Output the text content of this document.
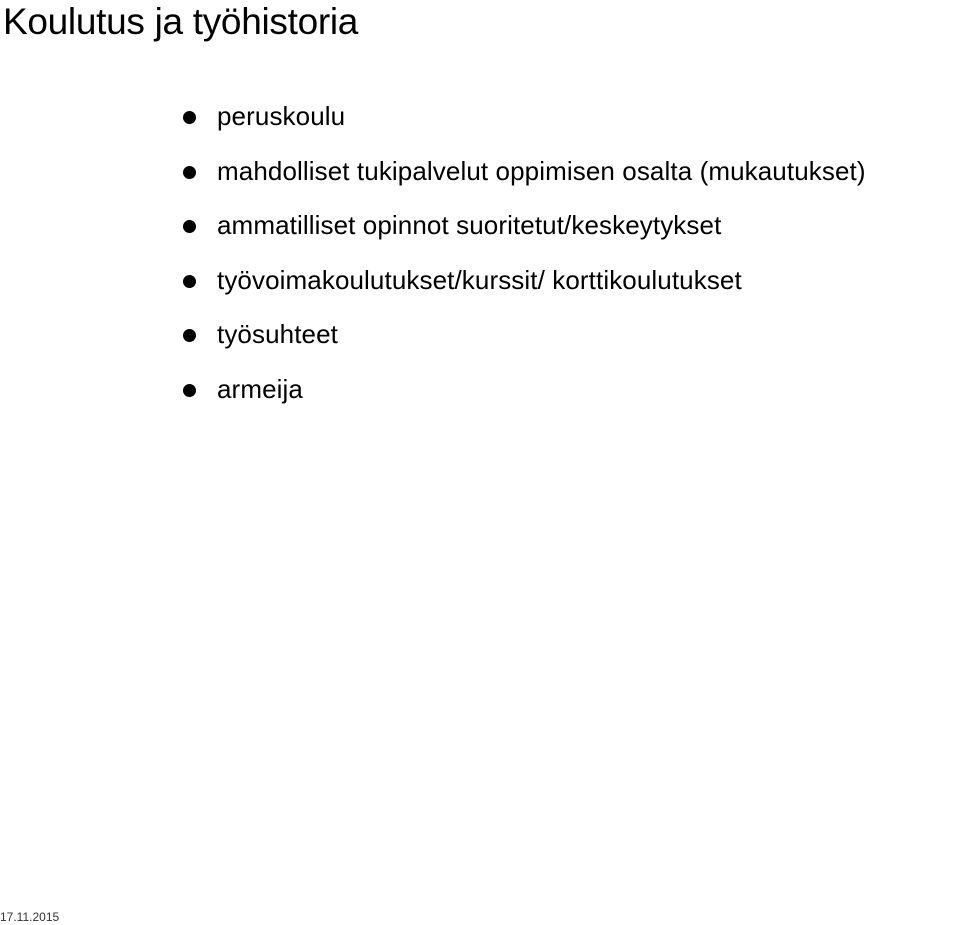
Koulutus ja työhistoria
peruskoulu
mahdolliset tukipalvelut oppimisen osalta (mukautukset)
ammatilliset opinnot suoritetut/keskeytykset
työvoimakoulutukset/kurssit/ korttikoulutukset
työsuhteet
armeija
17.11.2015
